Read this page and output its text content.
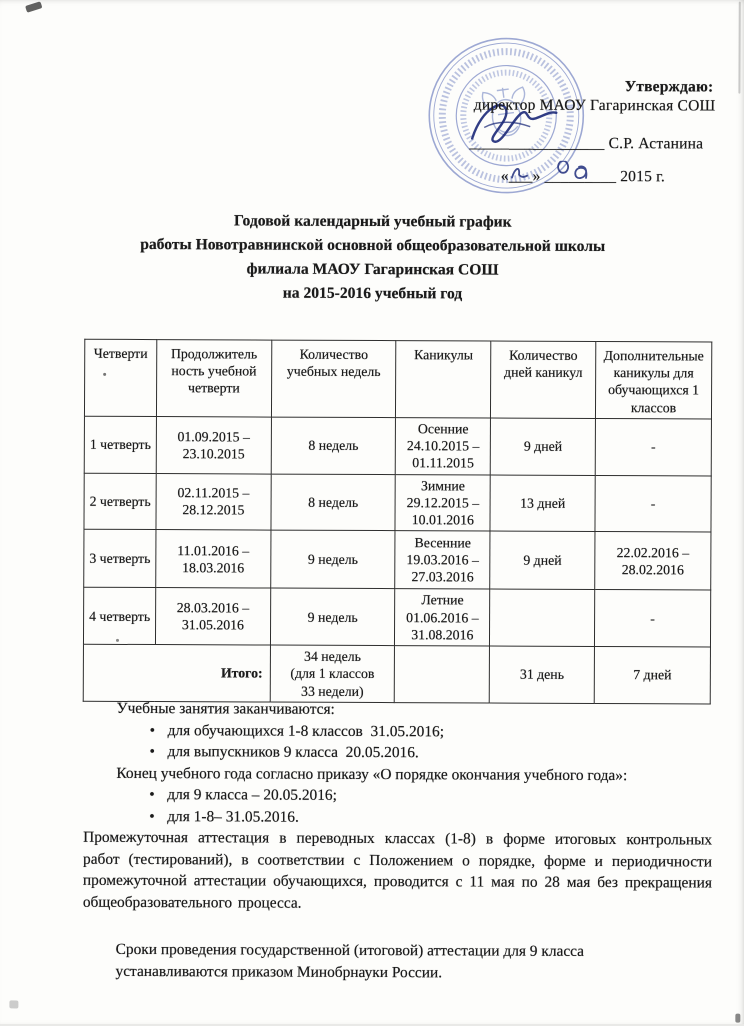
Утверждаю:
директор МАОУ Гагаринская СОШ
_________________ С.Р. Астанина
«___» _________ 2015 г.
Годовой календарный учебный график
работы Новотравнинской основной общеобразовательной школы
филиала МАОУ Гагаринская СОШ
на 2015-2016 учебный год
Четверти	Продолжитель
ность учебной
четверти	Количество
учебных недель	Каникулы	Количество
дней каникул	Дополнительные
каникулы для
обучающихся 1
классов
1 четверть	01.09.2015 –
23.10.2015	8 недель	Осенние
24.10.2015 –
01.11.2015	9 дней	-
2 четверть	02.11.2015 –
28.12.2015	8 недель	Зимние
29.12.2015 –
10.01.2016	13 дней	-
3 четверть	11.01.2016 –
18.03.2016	9 недель	Весенние
19.03.2016 –
27.03.2016	9 дней	22.02.2016 –
28.02.2016
4 четверть	28.03.2016 –
31.05.2016	9 недель	Летние
01.06.2016 –
31.08.2016		-
Итого:		34 недель
(для 1 классов
33 недели)		31 день	7 дней
Учебные занятия заканчиваются:
• для обучающихся 1-8 классов  31.05.2016;
• для выпускников 9 класса  20.05.2016.
Конец учебного года согласно приказу «О порядке окончания учебного года»:
• для 9 класса – 20.05.2016;
• для 1-8– 31.05.2016.
Промежуточная аттестация в переводных классах (1-8) в форме итоговых контрольных работ (тестирований), в соответствии с Положением о порядке, форме и периодичности промежуточной аттестации обучающихся, проводится с 11 мая по 28 мая без прекращения общеобразовательного процесса.
Сроки проведения государственной (итоговой) аттестации для 9 класса устанавливаются приказом Минобрнауки России.
